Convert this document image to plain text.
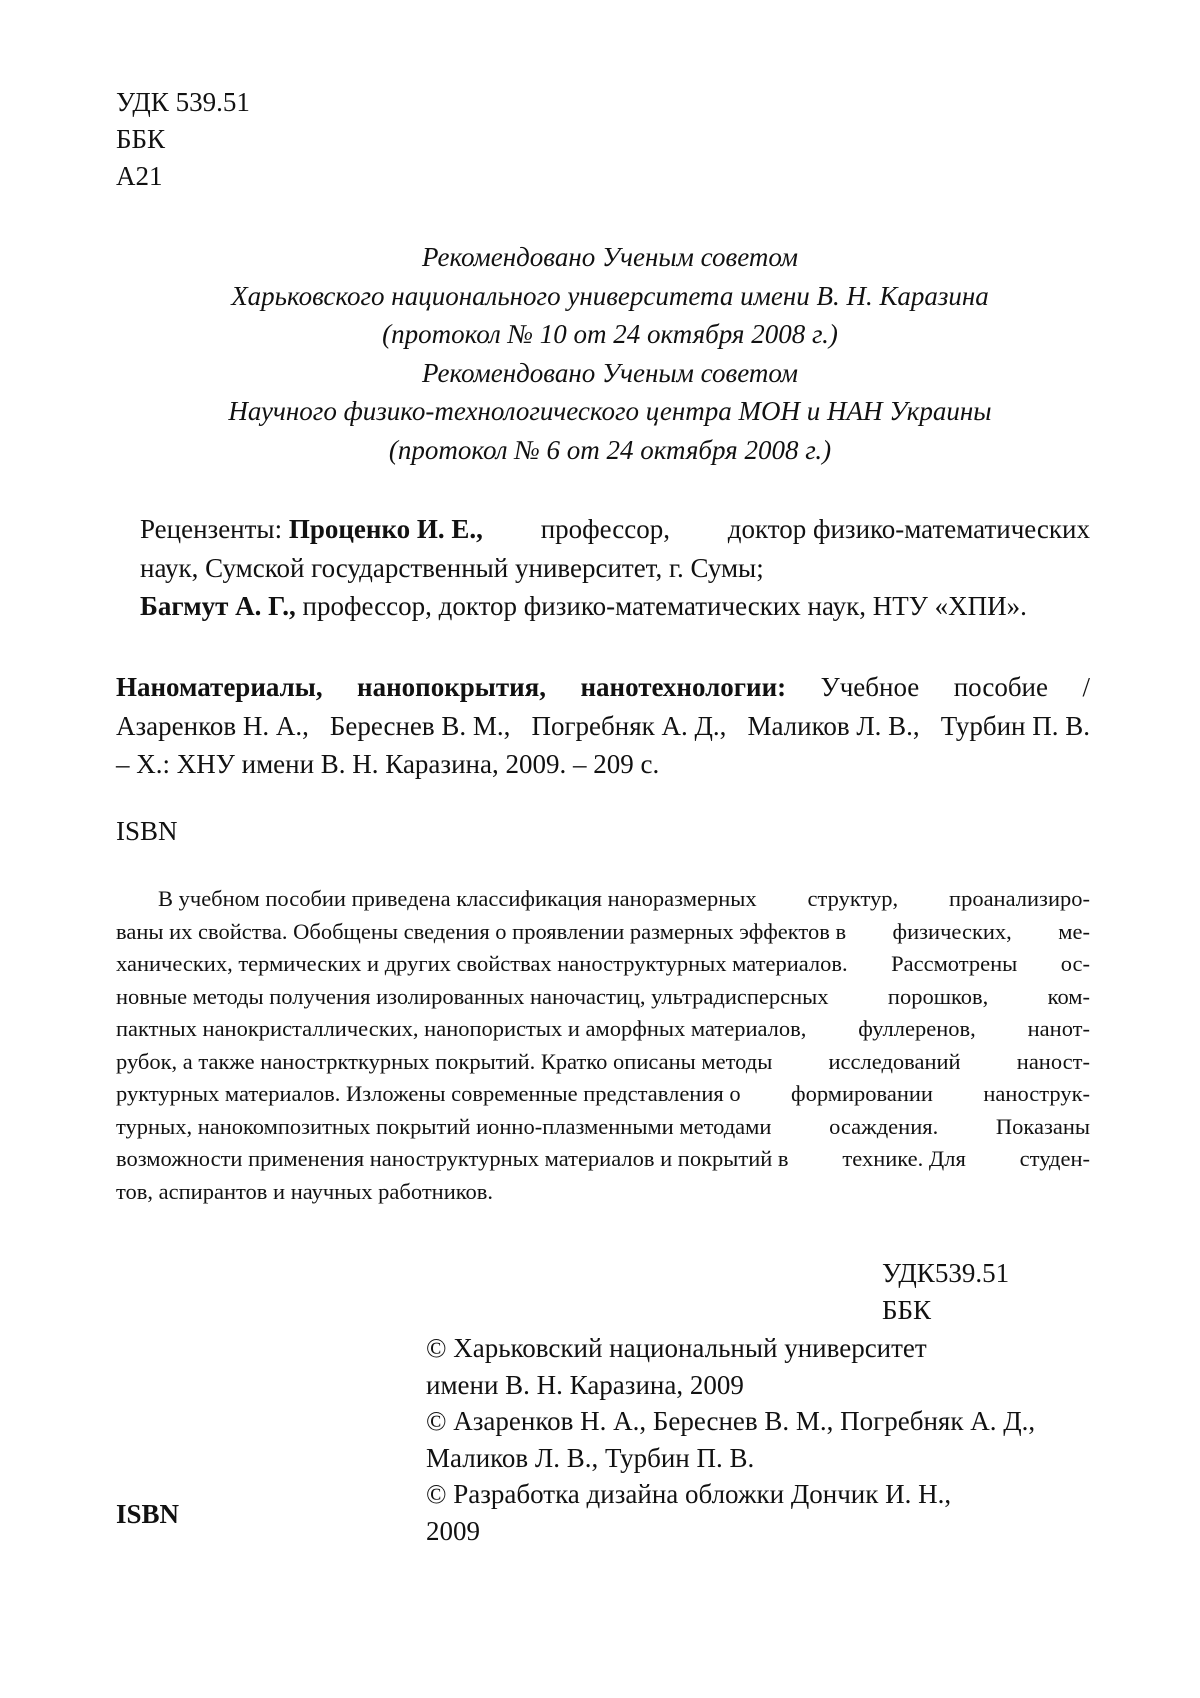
УДК 539.51
ББК
А21
Рекомендовано Ученым советом
Харьковского национального университета имени В. Н. Каразина
(протокол № 10 от 24 октября 2008 г.)
Рекомендовано Ученым советом
Научного физико-технологического центра МОН и НАН Украины
(протокол № 6 от 24 октября 2008 г.)
Рецензенты: Проценко И. Е., профессор, доктор физико-математических
наук, Сумской государственный университет, г. Сумы;
Багмут А. Г., профессор, доктор физико-математических наук, НТУ «ХПИ».
Наноматериалы, нанопокрытия, нанотехнологии: Учебное пособие /
Азаренков Н. А., Береснев В. М., Погребняк А. Д., Маликов Л. В., Турбин П. В.
– Х.: ХНУ имени В. Н. Каразина, 2009. – 209 с.
ISBN
В учебном пособии приведена классификация наноразмерных структур, проанализиро-
ваны их свойства. Обобщены сведения о проявлении размерных эффектов в физических, ме-
ханических, термических и других свойствах наноструктурных материалов. Рассмотрены ос-
новные методы получения изолированных наночастиц, ультрадисперсных	порошков,	ком-
пактных нанокристаллических, нанопористых и аморфных материалов, фуллеренов, нанот-
рубок, а также наностркткурных покрытий. Кратко описаны методы исследований наност-
руктурных материалов. Изложены современные представления о формировании нанострук-
турных, нанокомпозитных покрытий ионно-плазменными методами	осаждения.	Показаны
возможности применения наноструктурных материалов и покрытий в технике. Для студен-
тов, аспирантов и научных работников.
УДК539.51
ББК
© Харьковский национальный университет
имени В. Н. Каразина, 2009
© Азаренков Н. А., Береснев В. М., Погребняк А. Д.,
Маликов Л. В., Турбин П. В.
© Разработка дизайна обложки Дончик И. Н.,
2009
ISBN
